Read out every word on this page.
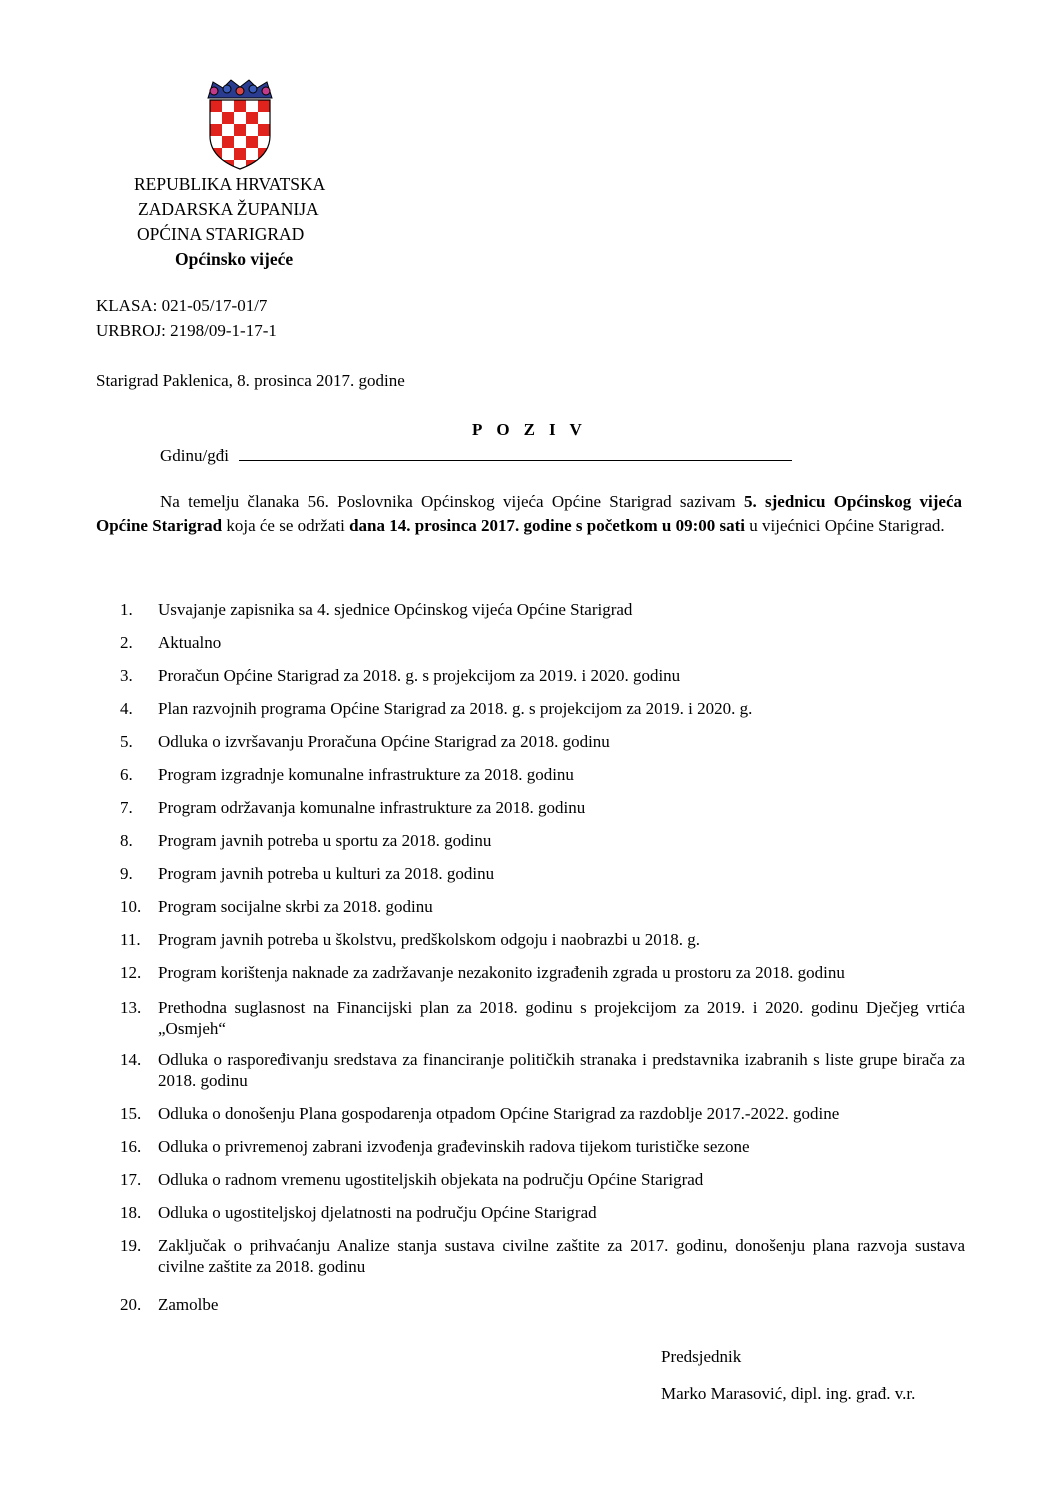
REPUBLIKA HRVATSKA
ZADARSKA ŽUPANIJA
OPĆINA STARIGRAD
Općinsko vijeće
KLASA: 021-05/17-01/7
URBROJ: 2198/09-1-17-1
Starigrad Paklenica, 8. prosinca 2017. godine
POZIV
Gdinu/gđi
Na temelju članaka 56. Poslovnika Općinskog vijeća Općine Starigrad sazivam 5. sjednicu Općinskog vijeća Općine Starigrad koja će se održati dana 14. prosinca 2017. godine s početkom u 09:00 sati u vijećnici Općine Starigrad.
1.	Usvajanje zapisnika sa 4. sjednice Općinskog vijeća Općine Starigrad
2.	Aktualno
3.	Proračun Općine Starigrad za 2018. g. s projekcijom za 2019. i 2020. godinu
4.	Plan razvojnih programa Općine Starigrad za 2018. g. s projekcijom za 2019. i 2020. g.
5.	Odluka o izvršavanju Proračuna Općine Starigrad za 2018. godinu
6.	Program izgradnje komunalne infrastrukture za 2018. godinu
7.	Program održavanja komunalne infrastrukture za 2018. godinu
8.	Program javnih potreba u sportu za 2018. godinu
9.	Program javnih potreba u kulturi za 2018. godinu
10. Program socijalne skrbi za 2018. godinu
11.	Program javnih potreba u školstvu, predškolskom odgoju i naobrazbi u 2018. g.
12. Program korištenja naknade za zadržavanje nezakonito izgrađenih zgrada u prostoru za 2018. godinu
13. Prethodna suglasnost na Financijski plan za 2018. godinu s projekcijom za 2019. i 2020. godinu Dječjeg vrtića „Osmjeh“
14. Odluka o raspoređivanju sredstava za financiranje političkih stranaka i predstavnika izabranih s liste grupe birača za 2018. godinu
15. Odluka o donošenju Plana gospodarenja otpadom Općine Starigrad za razdoblje 2017.-2022. godine
16. Odluka o privremenoj zabrani izvođenja građevinskih radova tijekom turističke sezone
17. Odluka o radnom vremenu ugostiteljskih objekata na području Općine Starigrad
18. Odluka o ugostiteljskoj djelatnosti na području Općine Starigrad
19. Zaključak o prihvaćanju Analize stanja sustava civilne zaštite za 2017. godinu, donošenju plana razvoja sustava civilne zaštite za 2018. godinu
20. Zamolbe
Predsjednik
Marko Marasović, dipl. ing. građ. v.r.
